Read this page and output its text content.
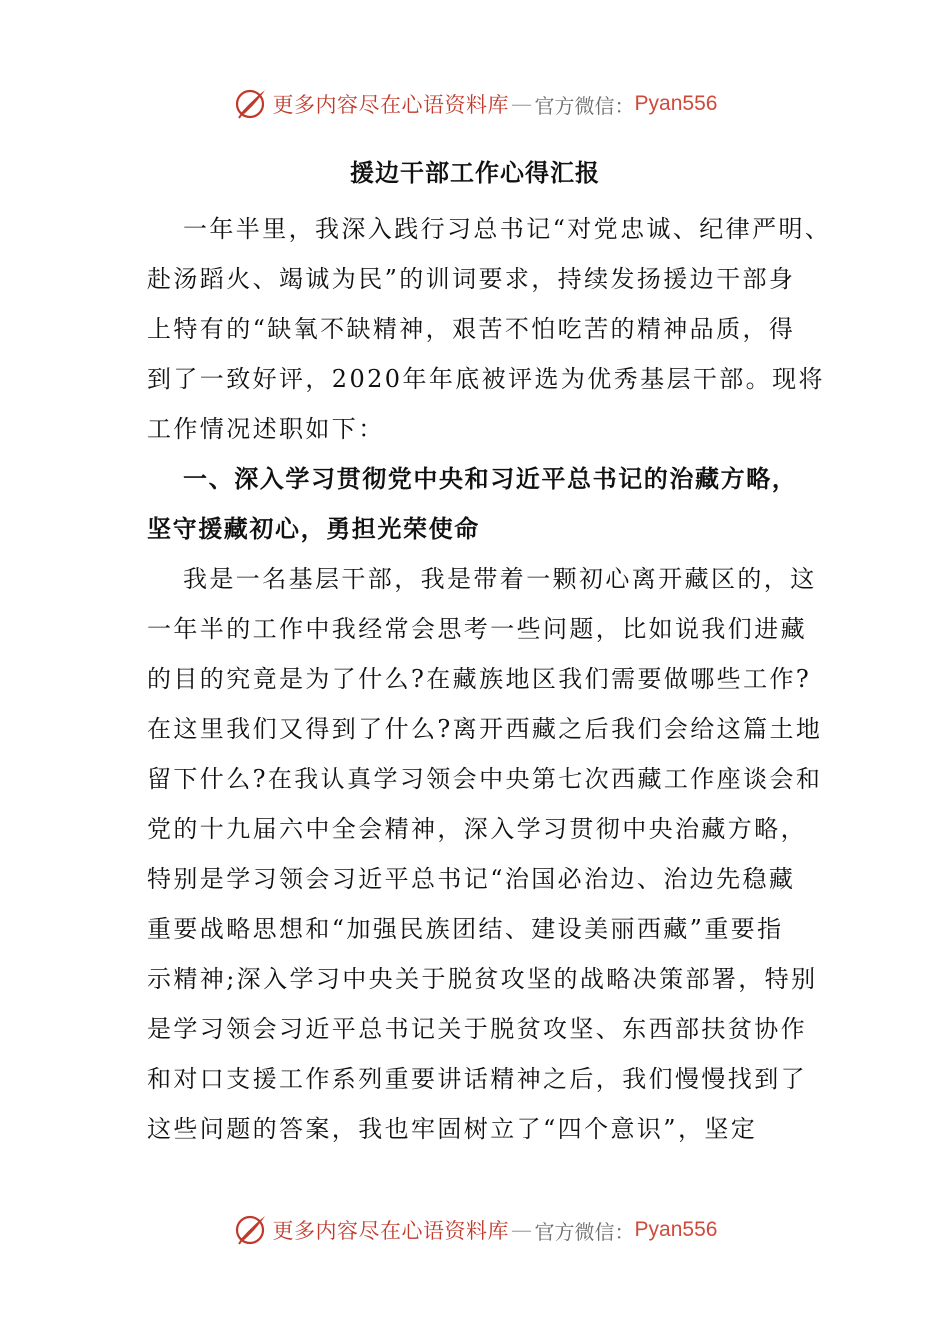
更多内容尽在心语资料库 — 官方微信： Pyan556
援边干部工作心得汇报
一年半里，我深入践行习总书记“对党忠诚、纪律严明、
赴汤蹈火、竭诚为民”的训词要求，持续发扬援边干部身
上特有的“缺氧不缺精神，艰苦不怕吃苦的精神品质，得
到了一致好评，2020年年底被评选为优秀基层干部。现将
工作情况述职如下：
一、深入学习贯彻党中央和习近平总书记的治藏方略，
坚守援藏初心，勇担光荣使命
我是一名基层干部，我是带着一颗初心离开藏区的，这
一年半的工作中我经常会思考一些问题，比如说我们进藏
的目的究竟是为了什么?在藏族地区我们需要做哪些工作?
在这里我们又得到了什么?离开西藏之后我们会给这篇土地
留下什么?在我认真学习领会中央第七次西藏工作座谈会和
党的十九届六中全会精神，深入学习贯彻中央治藏方略，
特别是学习领会习近平总书记“治国必治边、治边先稳藏
重要战略思想和“加强民族团结、建设美丽西藏”重要指
示精神;深入学习中央关于脱贫攻坚的战略决策部署，特别
是学习领会习近平总书记关于脱贫攻坚、东西部扶贫协作
和对口支援工作系列重要讲话精神之后，我们慢慢找到了
这些问题的答案，我也牢固树立了“四个意识”，坚定
更多内容尽在心语资料库 — 官方微信： Pyan556
